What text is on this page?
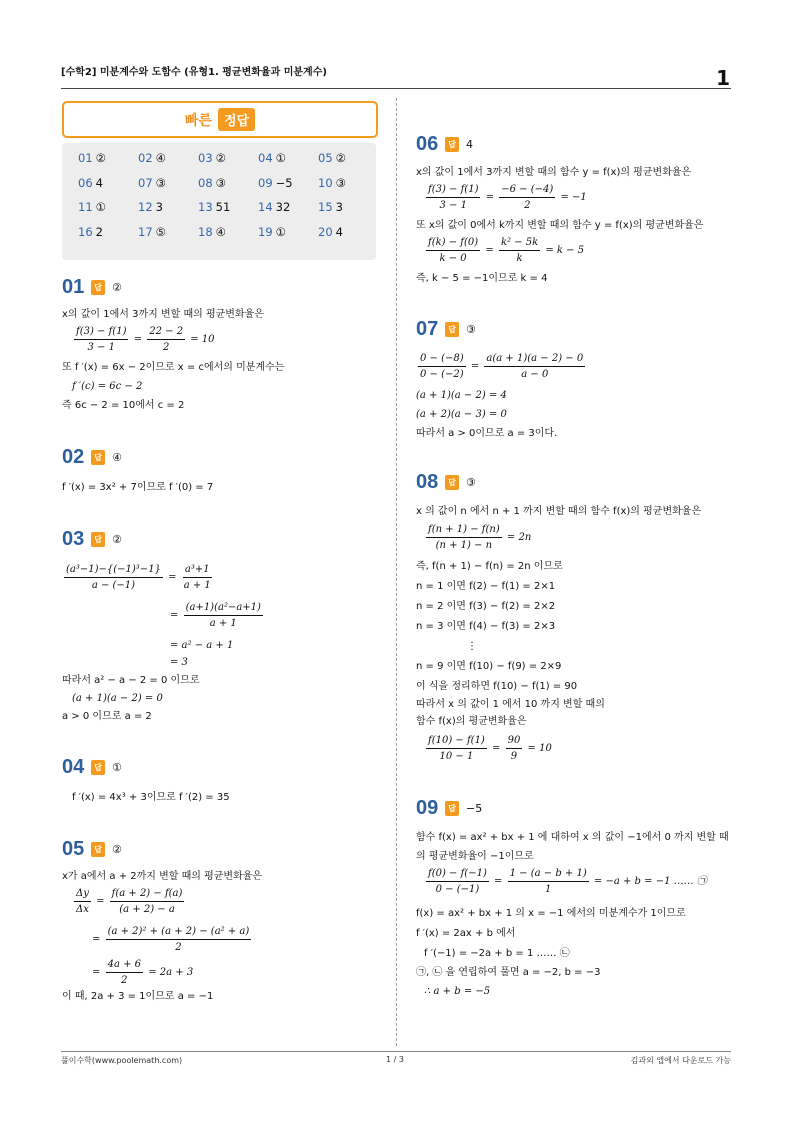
[수학2] 미분계수와 도함수 (유형1. 평균변화율과 미분계수)	1
빠른 정답
01 ②	02 ④	03 ②	04 ①	05 ②
06 4	07 ③	08 ③	09 −5	10 ③
11 ①	12 3	13 51	14 32	15 3
16 2	17 ⑤	18 ④	19 ①	20 4
01	답 ②
x의 값이 1에서 3까지 변할 때의 평균변화율은
$\frac{f(3) - f(1)}{3 - 1} = \frac{22 - 2}{2} = 10$
또 f ′(x) = 6x − 2이므로 x = c에서의 미분계수는
f ′(c) = 6c − 2
즉 6c − 2 = 10에서 c = 2
02	답 ④
f ′(x) = 3x² + 7이므로 f ′(0) = 7
03	답 ②
$\frac{\text{(a³−1)−\{(−1)³−1\}}}{a - (-1)} = \frac{\text{a³+1}}{a + 1}$
= $\frac{\text{(a+1)(a²−a+1)}}{a + 1}$
= a² − a + 1
= 3
따라서 a² − a − 2 = 0 이므로
(a + 1)(a − 2) = 0
a > 0 이므로 a = 2
04	답 ①
f ′(x) = 4x³ + 3이므로 f ′(2) = 35
05	답 ②
x가 a에서 a + 2까지 변할 때의 평균변화율은
$\frac{\Delta y}{\Delta x} = \frac{f(a + 2) - f(a)}{(a + 2) - a}$
= $\frac{\text{(a + 2)² + (a + 2) − (a² + a)}}{2}$
= $\frac{4a + 6}{2} = 2a + 3$
이 때, 2a + 3 = 1이므로 a = −1
06	답 4
x의 값이 1에서 3까지 변할 때의 함수 y = f(x)의 평균변화율은
$\frac{f(3) - f(1)}{3 - 1} = \frac{-6 - (-4)}{2} = -1$
또 x의 값이 0에서 k까지 변할 때의 함수 y = f(x)의 평균변화율은
$\frac{f(k) - f(0)}{k - 0} = \frac{\text{k² − 5k}}{k} = k - 5$
즉, k − 5 = −1이므로 k = 4
07	답 ③
$\frac{0 - (-8)}{0 - (-2)} = \frac{a(a + 1)(a - 2) - 0}{a - 0}$
(a + 1)(a − 2) = 4
(a + 2)(a − 3) = 0
따라서 a > 0이므로 a = 3이다.
08	답 ③
x 의 값이 n 에서 n + 1 까지 변할 때의 함수 f(x)의 평균변화율은
$\frac{f(n + 1) - f(n)}{(n + 1) - n} = 2n$
즉, f(n + 1) − f(n) = 2n 이므로
n = 1 이면 f(2) − f(1) = 2×1
n = 2 이면 f(3) − f(2) = 2×2
n = 3 이면 f(4) − f(3) = 2×3
⋮
n = 9 이면 f(10) − f(9) = 2×9
이 식을 정리하면 f(10) − f(1) = 90
따라서 x 의 값이 1 에서 10 까지 변할 때의
함수 f(x)의 평균변화율은
$\frac{f(10) - f(1)}{10 - 1} = \frac{90}{9} = 10$
09	답 −5
함수 f(x) = ax² + bx + 1 에 대하여 x 의 값이 −1에서 0 까지 변할 때
의 평균변화율이 −1이므로
$\frac{f(0) - f(-1)}{0 - (-1)} = \frac{1 - (a - b + 1)}{1} = -a + b = -1$ …… ㉠
f(x) = ax² + bx + 1 의 x = −1 에서의 미분계수가 1이므로
f ′(x) = 2ax + b 에서
f ′(−1) = −2a + b = 1 …… ㉡
㉠, ㉡ 을 연립하여 풀면 a = −2, b = −3
∴ a + b = −5
풀이수학(www.poolemath.com)	1 / 3	김과외 앱에서 다운로드 가능
